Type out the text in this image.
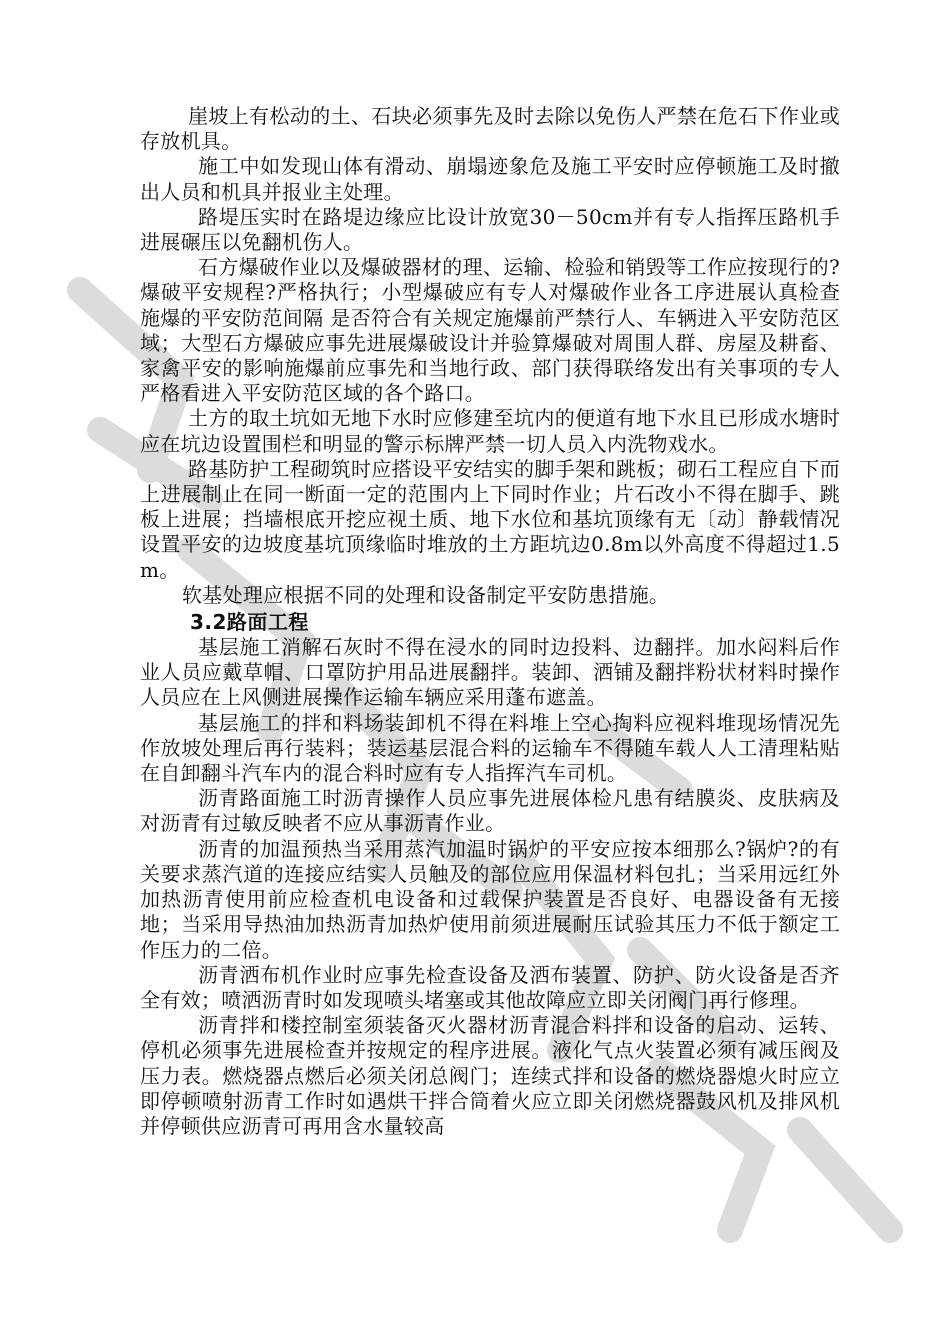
崖坡上有松动的土、石块必须事先及时去除以免伤人严禁在危石下作业或存放机具。

施工中如发现山体有滑动、崩塌迹象危及施工平安时应停顿施工及时撤出人员和机具并报业主处理。

路堤压实时在路堤边缘应比设计放宽30－50cm并有专人指挥压路机手进展碾压以免翻机伤人。

石方爆破作业以及爆破器材的理、运输、检验和销毁等工作应按现行的?爆破平安规程?严格执行；小型爆破应有专人对爆破作业各工序进展认真检查施爆的平安防范间隔 是否符合有关规定施爆前严禁行人、车辆进入平安防范区域；大型石方爆破应事先进展爆破设计并验算爆破对周围人群、房屋及耕畜、家禽平安的影响施爆前应事先和当地行政、部门获得联络发出有关事项的专人严格看进入平安防范区域的各个路口。

土方的取土坑如无地下水时应修建至坑内的便道有地下水且已形成水塘时应在坑边设置围栏和明显的警示标牌严禁一切人员入内洗物戏水。

路基防护工程砌筑时应搭设平安结实的脚手架和跳板；砌石工程应自下而上进展制止在同一断面一定的范围内上下同时作业；片石改小不得在脚手、跳板上进展；挡墙根底开挖应视土质、地下水位和基坑顶缘有无〔动〕静载情况设置平安的边坡度基坑顶缘临时堆放的土方距坑边0.8m以外高度不得超过1.5m。

软基处理应根据不同的处理和设备制定平安防患措施。

3.2路面工程

基层施工消解石灰时不得在浸水的同时边投料、边翻拌。加水闷料后作业人员应戴草帽、口罩防护用品进展翻拌。装卸、洒铺及翻拌粉状材料时操作人员应在上风侧进展操作运输车辆应采用蓬布遮盖。

基层施工的拌和料场装卸机不得在料堆上空心掏料应视料堆现场情况先作放坡处理后再行装料；装运基层混合料的运输车不得随车载人人工清理粘贴在自卸翻斗汽车内的混合料时应有专人指挥汽车司机。

沥青路面施工时沥青操作人员应事先进展体检凡患有结膜炎、皮肤病及对沥青有过敏反映者不应从事沥青作业。

沥青的加温预热当采用蒸汽加温时锅炉的平安应按本细那么?锅炉?的有关要求蒸汽道的连接应结实人员触及的部位应用保温材料包扎；当采用远红外加热沥青使用前应检查机电设备和过载保护装置是否良好、电器设备有无接地；当采用导热油加热沥青加热炉使用前须进展耐压试验其压力不低于额定工作压力的二倍。

沥青洒布机作业时应事先检查设备及洒布装置、防护、防火设备是否齐全有效；喷洒沥青时如发现喷头堵塞或其他故障应立即关闭阀门再行修理。

沥青拌和楼控制室须装备灭火器材沥青混合料拌和设备的启动、运转、停机必须事先进展检查并按规定的程序进展。液化气点火装置必须有减压阀及压力表。燃烧器点燃后必须关闭总阀门；连续式拌和设备的燃烧器熄火时应立即停顿喷射沥青工作时如遇烘干拌合筒着火应立即关闭燃烧器鼓风机及排风机并停顿供应沥青可再用含水量较高
